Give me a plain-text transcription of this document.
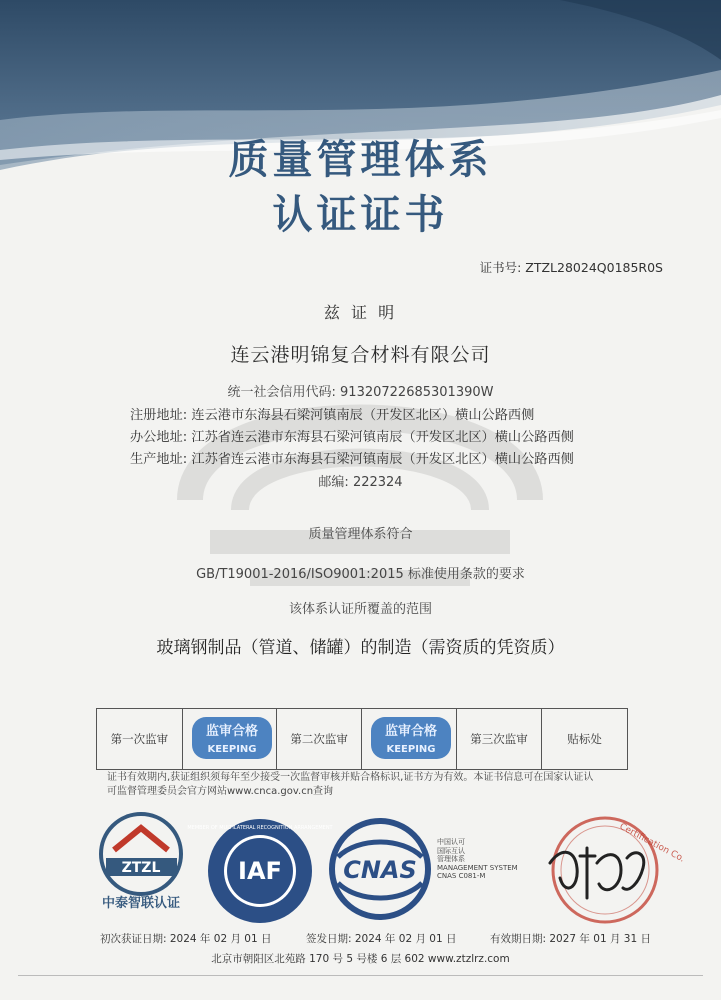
质量管理体系
认证证书
证书号: ZTZL28024Q0185R0S
兹 证 明
连云港明锦复合材料有限公司
统一社会信用代码: 91320722685301390W
注册地址: 连云港市东海县石梁河镇南辰（开发区北区）横山公路西侧
办公地址: 江苏省连云港市东海县石梁河镇南辰（开发区北区）横山公路西侧
生产地址: 江苏省连云港市东海县石梁河镇南辰（开发区北区）横山公路西侧
邮编: 222324
质量管理体系符合
GB/T19001-2016/ISO9001:2015 标准使用条款的要求
该体系认证所覆盖的范围
玻璃钢制品（管道、储罐）的制造（需资质的凭资质）
第一次监审	监审合格
KEEPING
第二次监审	监审合格
KEEPING
第三次监审	贴标处
证书有效期内,获证组织须每年至少接受一次监督审核并贴合格标识,证书方为有效。本证书信息可在国家认证认
可监督管理委员会官方网站www.cnca.gov.cn查询
ZTZL
中泰智联认证
IAF
MEMBER OF MULTILATERAL RECOGNITION ARRANGEMENT
CNAS
中国认可
国际互认
管理体系
MANAGEMENT SYSTEM
CNAS C081-M
Certification Co.
初次获证日期: 2024 年 02 月 01 日	签发日期: 2024 年 02 月 01 日	有效期日期: 2027 年 01 月 31 日
北京市朝阳区北苑路 170 号 5 号楼 6 层 602 www.ztzlrz.com
